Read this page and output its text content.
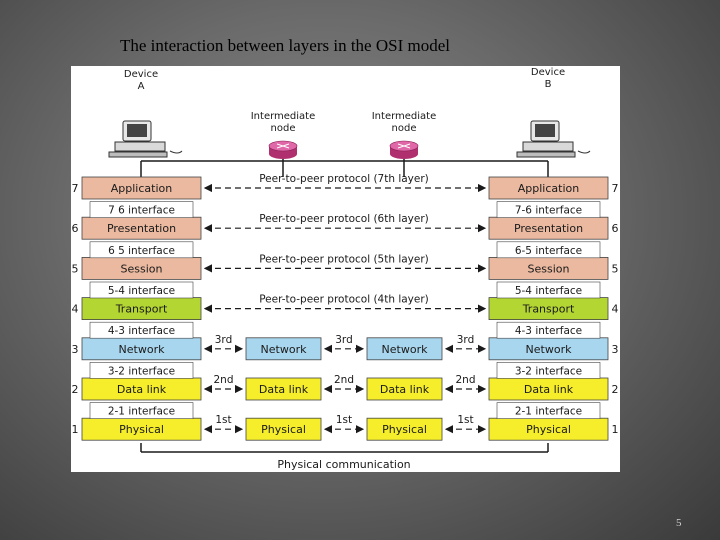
The interaction between layers in the OSI model
Physical communication
Device
A
Device
B
Intermediate
node
Intermediate
node
Application	Application
7	7
Presentation	Presentation
6	6
Session	Session
5	5
Transport	Transport
4	4
Network	Network
3	3
Network	Network
Data link	Data link
2	2
Data link	Data link
Physical	Physical
1	1
Physical	Physical
7 6 interface
6 5 interface
5-4 interface
4-3 interface
3-2 interface
2-1 interface
7-6 interface
6-5 interface
5-4 interface
4-3 interface
3-2 interface
2-1 interface
Peer-to-peer protocol (7th layer)
Peer-to-peer protocol (6th layer)
Peer-to-peer protocol (5th layer)
Peer-to-peer protocol (4th layer)
3rd	3rd	3rd
2nd	2nd	2nd
1st	1st	1st
5
